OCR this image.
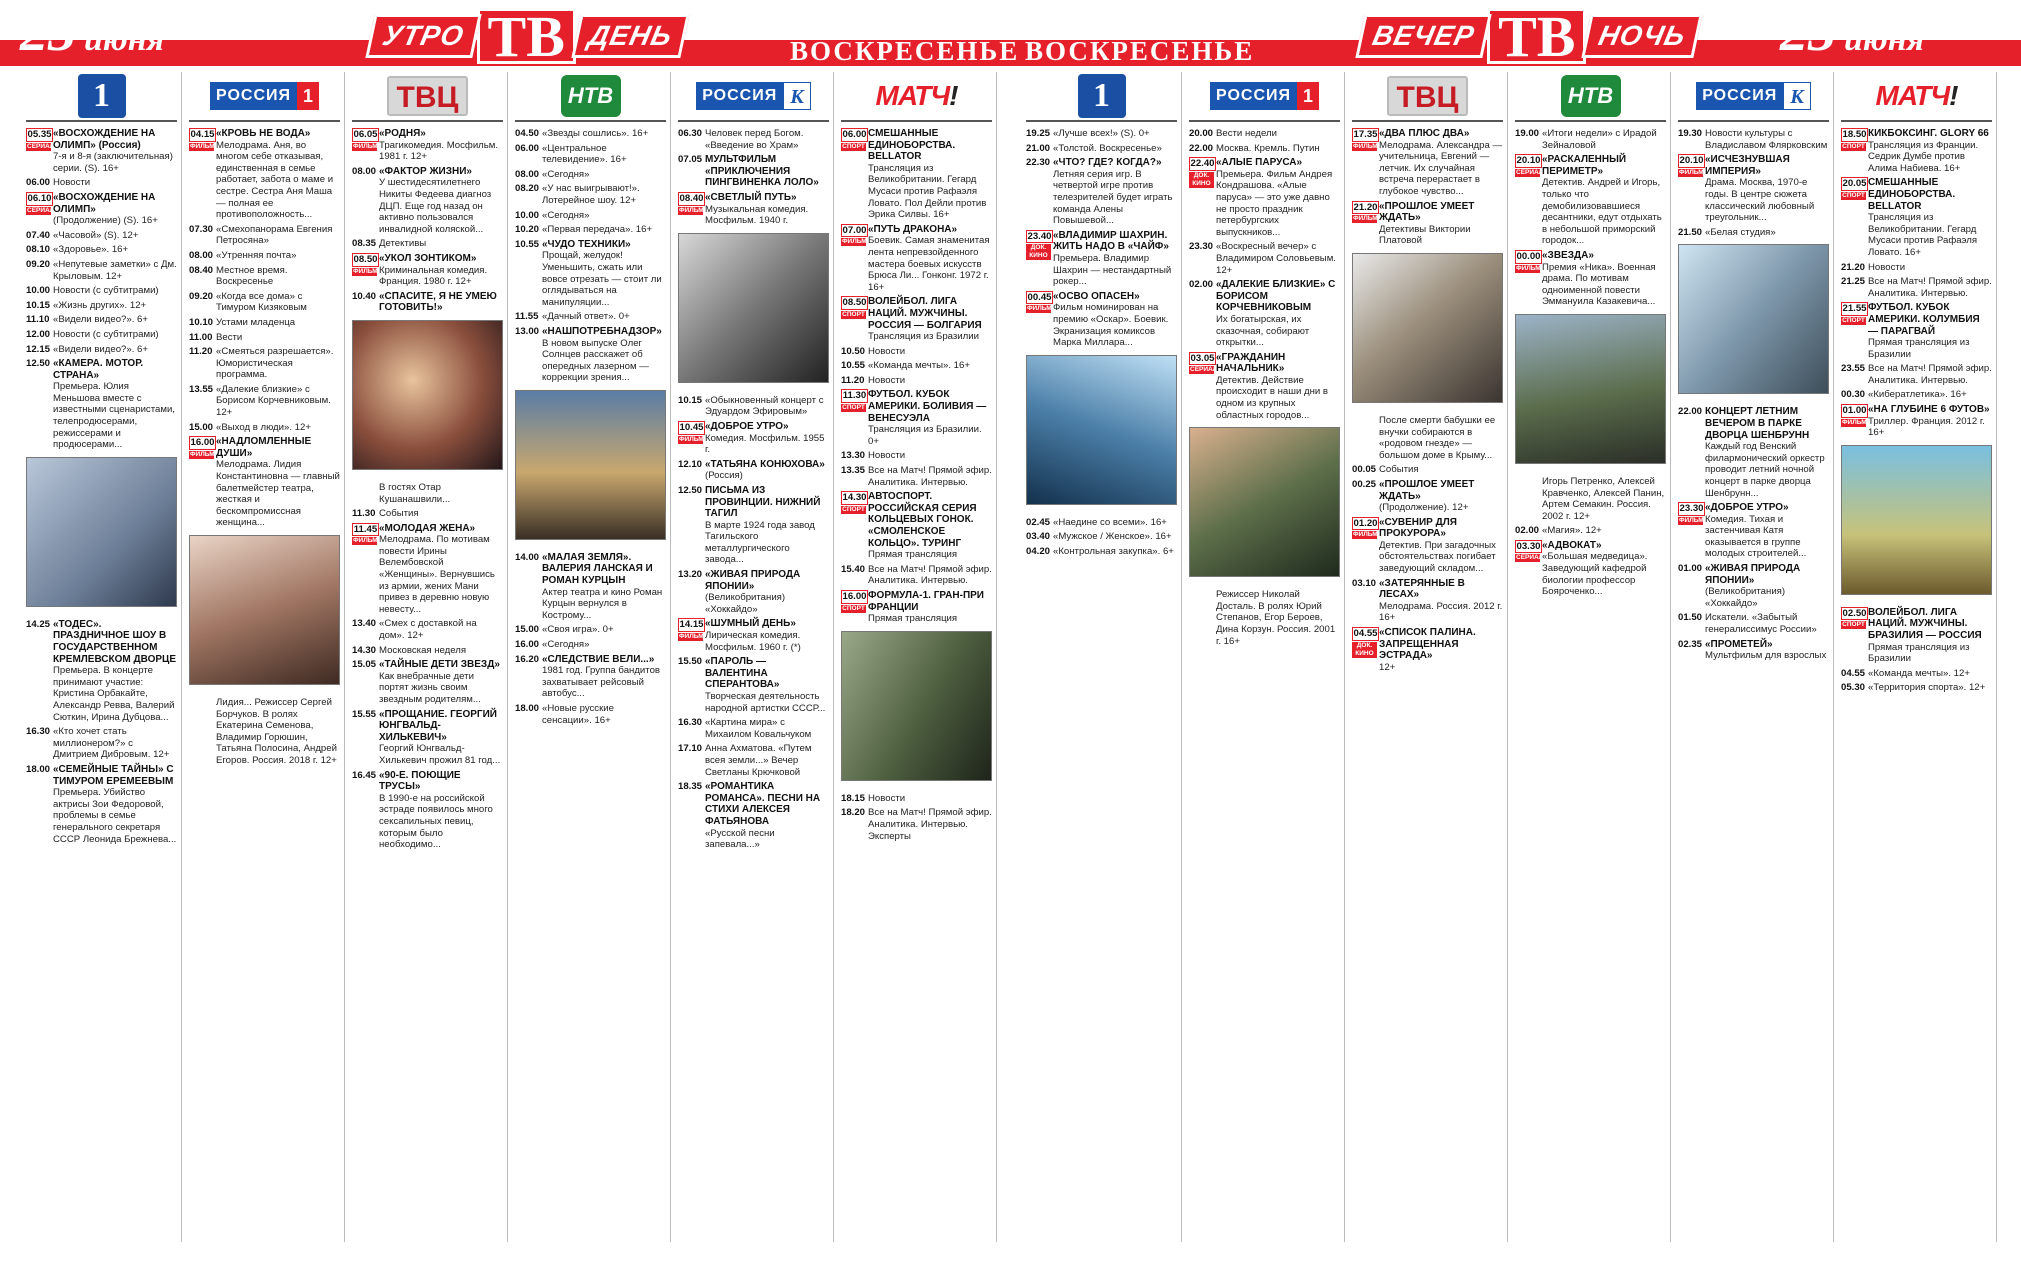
23 июня	УТРО ТВ ДЕНЬ	ВОСКРЕСЕНЬЕ ВОСКРЕСЕНЬЕ	ВЕЧЕР ТВ НОЧЬ 23 июня
1
05.35
СЕРИАЛ
«ВОСХОЖДЕНИЕ НА ОЛИМП» (Россия)
7-я и 8-я (заключительная) серии. (S). 16+
06.00 Новости
06.10
СЕРИАЛ
«ВОСХОЖДЕНИЕ НА ОЛИМП»
(Продолжение) (S). 16+
07.40 «Часовой» (S). 12+
08.10 «Здоровье». 16+
09.20 «Непутевые заметки» с Дм. Крыловым. 12+
10.00 Новости (с субтитрами)
10.15 «Жизнь других». 12+
11.10 «Видели видео?». 6+
12.00 Новости (с субтитрами)
12.15 «Видели видео?». 6+
12.50 «КАМЕРА. МОТОР. СТРАНА»
Премьера. Юлия Меньшова вместе с известными сценаристами, телепродюсерами, режиссерами и продюсерами...
14.25 «ТОДЕС». ПРАЗДНИЧНОЕ ШОУ В ГОСУДАРСТВЕННОМ КРЕМЛЕВСКОМ ДВОРЦЕ
Премьера. В концерте принимают участие: Кристина Орбакайте, Александр Ревва, Валерий Сюткин, Ирина Дубцова...
16.30 «Кто хочет стать миллионером?» с Дмитрием Дибровым. 12+
18.00 «СЕМЕЙНЫЕ ТАЙНЫ» С ТИМУРОМ ЕРЕМЕЕВЫМ
Премьера. Убийство актрисы Зои Федоровой, проблемы в семье генерального секретаря СССР Леонида Брежнева...
РОССИЯ 1
04.15
ФИЛЬМ
«КРОВЬ НЕ ВОДА»
Мелодрама. Аня, во многом себе отказывая, единственная в семье работает, забота о маме и сестре. Сестра Аня Маша — полная ее противоположность...
07.30 «Смехопанорама Евгения Петросяна»
08.00 «Утренняя почта»
08.40 Местное время. Воскресенье
09.20 «Когда все дома» с Тимуром Кизяковым
10.10 Устами младенца
11.00 Вести
11.20 «Смеяться разрешается». Юмористическая программа.
13.55 «Далекие близкие» с Борисом Корчевниковым. 12+
15.00 «Выход в люди». 12+
16.00
ФИЛЬМ
«НАДЛОМЛЕННЫЕ ДУШИ»
Мелодрама. Лидия Константиновна — главный балетмейстер театра, жесткая и бескомпромиссная женщина...
Лидия... Режиссер Сергей Борчуков. В ролях Екатерина Семенова, Владимир Горюшин, Татьяна Полосина, Андрей Егоров. Россия. 2018 г. 12+
ТВЦ
06.05
ФИЛЬМ
«РОДНЯ»
Трагикомедия. Мосфильм. 1981 г. 12+
08.00 «ФАКТОР ЖИЗНИ»
У шестидесятилетнего Никиты Федеева диагноз ДЦП. Еще год назад он активно пользовался инвалидной коляской...
08.35 Детективы
08.50
ФИЛЬМ
«УКОЛ ЗОНТИКОМ»
Криминальная комедия. Франция. 1980 г. 12+
10.40 «СПАСИТЕ, Я НЕ УМЕЮ ГОТОВИТЬ!»
В гостях Отар Кушанашвили...
11.30 События
11.45
ФИЛЬМ
«МОЛОДАЯ ЖЕНА»
Мелодрама. По мотивам повести Ирины Велембовской «Женщины». Вернувшись из армии, жених Мани привез в деревню новую невесту...
13.40 «Смех с доставкой на дом». 12+
14.30 Московская неделя
15.05 «ТАЙНЫЕ ДЕТИ ЗВЕЗД»
Как внебрачные дети портят жизнь своим звездным родителям...
15.55 «ПРОЩАНИЕ. ГЕОРГИЙ ЮНГВАЛЬД-ХИЛЬКЕВИЧ»
Георгий Юнгвальд-Хилькевич прожил 81 год...
16.45 «90-Е. ПОЮЩИЕ ТРУСЫ»
В 1990-е на российской эстраде появилось много сексапильных певиц, которым было необходимо...
НТВ
04.50 «Звезды сошлись». 16+
06.00 «Центральное телевидение». 16+
08.00 «Сегодня»
08.20 «У нас выигрывают!». Лотерейное шоу. 12+
10.00 «Сегодня»
10.20 «Первая передача». 16+
10.55 «ЧУДО ТЕХНИКИ»
Прощай, желудок! Уменьшить, сжать или вовсе отрезать — стоит ли оглядываться на манипуляции...
11.55 «Дачный ответ». 0+
13.00 «НАШПОТРЕБНАДЗОР»
В новом выпуске Олег Солнцев расскажет об опередных лазерном — коррекции зрения...
14.00 «МАЛАЯ ЗЕМЛЯ». ВАЛЕРИЯ ЛАНСКАЯ И РОМАН КУРЦЫН
Актер театра и кино Роман Курцын вернулся в Кострому...
15.00 «Своя игра». 0+
16.00 «Сегодня»
16.20 «СЛЕДСТВИЕ ВЕЛИ...»
1981 год. Группа бандитов захватывает рейсовый автобус...
18.00 «Новые русские сенсации». 16+
РОССИЯ К
06.30 Человек перед Богом. «Введение во Храм»
07.05 МУЛЬТФИЛЬМ «ПРИКЛЮЧЕНИЯ ПИНГВИНЕНКА ЛОЛО»
08.40
ФИЛЬМ
«СВЕТЛЫЙ ПУТЬ»
Музыкальная комедия. Мосфильм. 1940 г.
10.15 «Обыкновенный концерт с Эдуардом Эфировым»
10.45
ФИЛЬМ
«ДОБРОЕ УТРО»
Комедия. Мосфильм. 1955 г.
12.10 «ТАТЬЯНА КОНЮХОВА»
(Россия)
12.50 ПИСЬМА ИЗ ПРОВИНЦИИ. НИЖНИЙ ТАГИЛ
В марте 1924 года завод Тагильского металлургического завода...
13.20 «ЖИВАЯ ПРИРОДА ЯПОНИИ»
(Великобритания) «Хоккайдо»
14.15
ФИЛЬМ
«ШУМНЫЙ ДЕНЬ»
Лирическая комедия. Мосфильм. 1960 г. (*)
15.50 «ПАРОЛЬ — ВАЛЕНТИНА СПЕРАНТОВА»
Творческая деятельность народной артистки СССР...
16.30 «Картина мира» с Михаилом Ковальчуком
17.10 Анна Ахматова. «Путем всея земли...» Вечер Светланы Крючковой
18.35 «РОМАНТИКА РОМАНСА». ПЕСНИ НА СТИХИ АЛЕКСЕЯ ФАТЬЯНОВА
«Русской песни запевала...»
МАТЧ!
06.00
СПОРТ
СМЕШАННЫЕ ЕДИНОБОРСТВА. BELLATOR
Трансляция из Великобритании. Гегард Мусаси против Рафаэля Ловато. Пол Дейли против Эрика Силвы. 16+
07.00
ФИЛЬМ
«ПУТЬ ДРАКОНА»
Боевик. Самая знаменитая лента непревзойденного мастера боевых искусств Брюса Ли... Гонконг. 1972 г. 16+
08.50
СПОРТ
ВОЛЕЙБОЛ. ЛИГА НАЦИЙ. МУЖЧИНЫ. РОССИЯ — БОЛГАРИЯ
Трансляция из Бразилии
10.50 Новости
10.55 «Команда мечты». 16+
11.20 Новости
11.30
СПОРТ
ФУТБОЛ. КУБОК АМЕРИКИ. БОЛИВИЯ — ВЕНЕСУЭЛА
Трансляция из Бразилии. 0+
13.30 Новости
13.35 Все на Матч! Прямой эфир. Аналитика. Интервью.
14.30
СПОРТ
АВТОСПОРТ. РОССИЙСКАЯ СЕРИЯ КОЛЬЦЕВЫХ ГОНОК. «СМОЛЕНСКОЕ КОЛЬЦО». ТУРИНГ
Прямая трансляция
15.40 Все на Матч! Прямой эфир. Аналитика. Интервью.
16.00
СПОРТ
ФОРМУЛА-1. ГРАН-ПРИ ФРАНЦИИ
Прямая трансляция
18.15 Новости
18.20 Все на Матч! Прямой эфир. Аналитика. Интервью. Эксперты
1
19.25 «Лучше всех!» (S). 0+
21.00 «Толстой. Воскресенье»
22.30 «ЧТО? ГДЕ? КОГДА?»
Летняя серия игр. В четвертой игре против телезрителей будет играть команда Алены Повышевой...
23.40
ДОК. КИНО
«ВЛАДИМИР ШАХРИН. ЖИТЬ НАДО В «ЧАЙФ»
Премьера. Владимир Шахрин — нестандартный рокер...
00.45
ФИЛЬМ
«ОСВО ОПАСЕН»
Фильм номинирован на премию «Оскар». Боевик. Экранизация комиксов Марка Миллара...
02.45 «Наедине со всеми». 16+
03.40 «Мужское / Женское». 16+
04.20 «Контрольная закупка». 6+
РОССИЯ 1
20.00 Вести недели
22.00 Москва. Кремль. Путин
22.40
ДОК. КИНО
«АЛЫЕ ПАРУСА»
Премьера. Фильм Андрея Кондрашова. «Алые паруса» — это уже давно не просто праздник петербургских выпускников...
23.30 «Воскресный вечер» с Владимиром Соловьевым. 12+
02.00 «ДАЛЕКИЕ БЛИЗКИЕ» С БОРИСОМ КОРЧЕВНИКОВЫМ
Их богатырская, их сказочная, собирают открытки...
03.05
СЕРИАЛ
«ГРАЖДАНИН НАЧАЛЬНИК»
Детектив. Действие происходит в наши дни в одном из крупных областных городов...
Режиссер Николай Досталь. В ролях Юрий Степанов, Егор Бероев, Дина Корзун. Россия. 2001 г. 16+
ТВЦ
17.35
ФИЛЬМ
«ДВА ПЛЮС ДВА»
Мелодрама. Александра — учительница, Евгений — летчик. Их случайная встреча перерастает в глубокое чувство...
21.20
ФИЛЬМ
«ПРОШЛОЕ УМЕЕТ ЖДАТЬ»
Детективы Виктории Платовой
После смерти бабушки ее внучки собираются в «родовом гнезде» — большом доме в Крыму...
00.05 События
00.25 «ПРОШЛОЕ УМЕЕТ ЖДАТЬ»
(Продолжение). 12+
01.20
ФИЛЬМ
«СУВЕНИР ДЛЯ ПРОКУРОРА»
Детектив. При загадочных обстоятельствах погибает заведующий складом...
03.10 «ЗАТЕРЯННЫЕ В ЛЕСАХ»
Мелодрама. Россия. 2012 г. 16+
04.55
ДОК. КИНО
«СПИСОК ПАЛИНА. ЗАПРЕЩЕННАЯ ЭСТРАДА»
12+
НТВ
19.00 «Итоги недели» с Ирадой Зейналовой
20.10
СЕРИАЛ
«РАСКАЛЕННЫЙ ПЕРИМЕТР»
Детектив. Андрей и Игорь, только что демобилизовавшиеся десантники, едут отдыхать в небольшой приморский городок...
00.00
ФИЛЬМ
«ЗВЕЗДА»
Премия «Ника». Военная драма. По мотивам одноименной повести Эммануила Казакевича...
Игорь Петренко, Алексей Кравченко, Алексей Панин, Артем Семакин. Россия. 2002 г. 12+
02.00 «Магия». 12+
03.30
СЕРИАЛ
«АДВОКАТ»
«Большая медведица». Заведующий кафедрой биологии профессор Бояроченко...
РОССИЯ К
19.30 Новости культуры с Владиславом Флярковским
20.10
ФИЛЬМ
«ИСЧЕЗНУВШАЯ ИМПЕРИЯ»
Драма. Москва, 1970-е годы. В центре сюжета классический любовный треугольник...
21.50 «Белая студия»
22.00 КОНЦЕРТ ЛЕТНИМ ВЕЧЕРОМ В ПАРКЕ ДВОРЦА ШЕНБРУНН
Каждый год Венский филармонический оркестр проводит летний ночной концерт в парке дворца Шенбрунн...
23.30
ФИЛЬМ
«ДОБРОЕ УТРО»
Комедия. Тихая и застенчивая Катя оказывается в группе молодых строителей...
01.00 «ЖИВАЯ ПРИРОДА ЯПОНИИ»
(Великобритания) «Хоккайдо»
01.50 Искатели. «Забытый генералиссимус России»
02.35 «ПРОМЕТЕЙ»
Мультфильм для взрослых
МАТЧ!
18.50
СПОРТ
КИКБОКСИНГ. GLORY 66
Трансляция из Франции. Седрик Думбе против Алима Набиева. 16+
20.05
СПОРТ
СМЕШАННЫЕ ЕДИНОБОРСТВА. BELLATOR
Трансляция из Великобритании. Гегард Мусаси против Рафаэля Ловато. 16+
21.20 Новости
21.25 Все на Матч! Прямой эфир. Аналитика. Интервью.
21.55
СПОРТ
ФУТБОЛ. КУБОК АМЕРИКИ. КОЛУМБИЯ — ПАРАГВАЙ
Прямая трансляция из Бразилии
23.55 Все на Матч! Прямой эфир. Аналитика. Интервью.
00.30 «Кибератлетика». 16+
01.00
ФИЛЬМ
«НА ГЛУБИНЕ 6 ФУТОВ»
Триллер. Франция. 2012 г. 16+
02.50
СПОРТ
ВОЛЕЙБОЛ. ЛИГА НАЦИЙ. МУЖЧИНЫ. БРАЗИЛИЯ — РОССИЯ
Прямая трансляция из Бразилии
04.55 «Команда мечты». 12+
05.30 «Территория спорта». 12+
